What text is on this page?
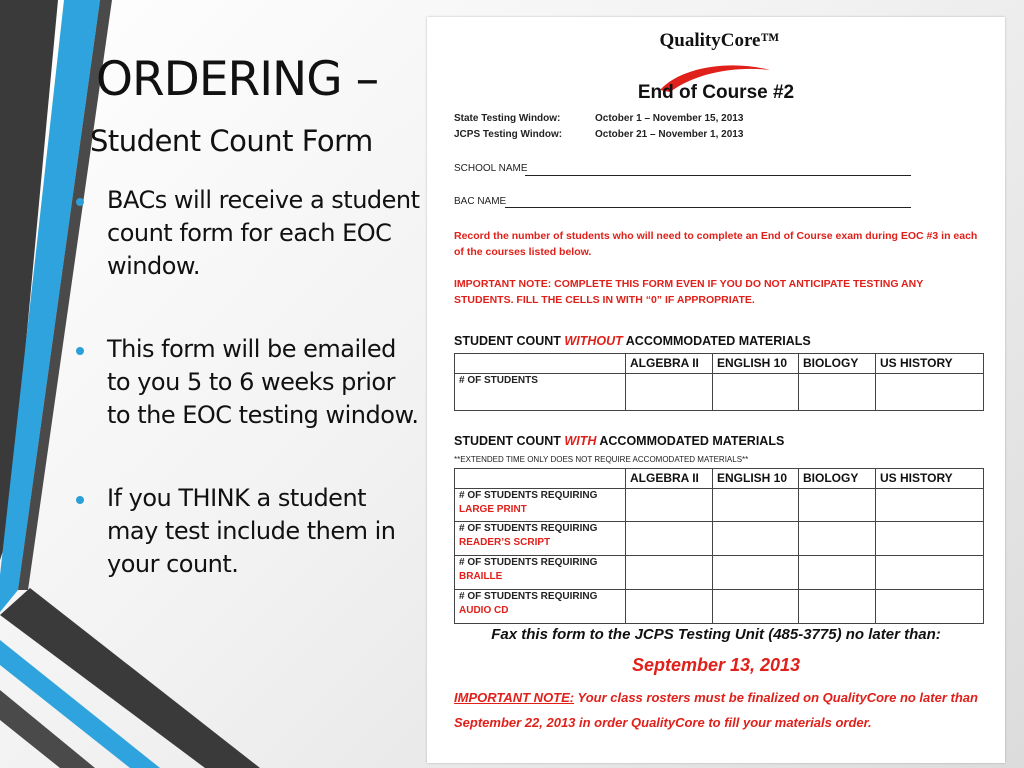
ORDERING –
Student Count Form
BACs will receive a student count form for each EOC window.
This form will be emailed to you 5 to 6 weeks prior to the EOC testing window.
If you THINK a student may test include them in your count.
QualityCore™
End of Course #2
State Testing Window:	October 1 – November 15, 2013
JCPS Testing Window:	October 21 – November 1, 2013
SCHOOL NAME
BAC NAME
Record the number of students who will need to complete an End of Course exam during EOC #3 in each of the courses listed below.
IMPORTANT NOTE: COMPLETE THIS FORM EVEN IF YOU DO NOT ANTICIPATE TESTING ANY STUDENTS. FILL THE CELLS IN WITH “0” IF APPROPRIATE.
STUDENT COUNT WITHOUT ACCOMMODATED MATERIALS
	ALGEBRA II	ENGLISH 10	BIOLOGY	US HISTORY
# OF STUDENTS				
STUDENT COUNT WITH ACCOMMODATED MATERIALS
**EXTENDED TIME ONLY DOES NOT REQUIRE ACCOMODATED MATERIALS**
	ALGEBRA II	ENGLISH 10	BIOLOGY	US HISTORY
# OF STUDENTS REQUIRING
LARGE PRINT				

# OF STUDENTS REQUIRING
READER’S SCRIPT				

# OF STUDENTS REQUIRING
BRAILLE				

# OF STUDENTS REQUIRING
AUDIO CD				

Fax this form to the JCPS Testing Unit (485-3775) no later than:
September 13, 2013
IMPORTANT NOTE: Your class rosters must be finalized on QualityCore no later than September 22, 2013 in order QualityCore to fill your materials order.
